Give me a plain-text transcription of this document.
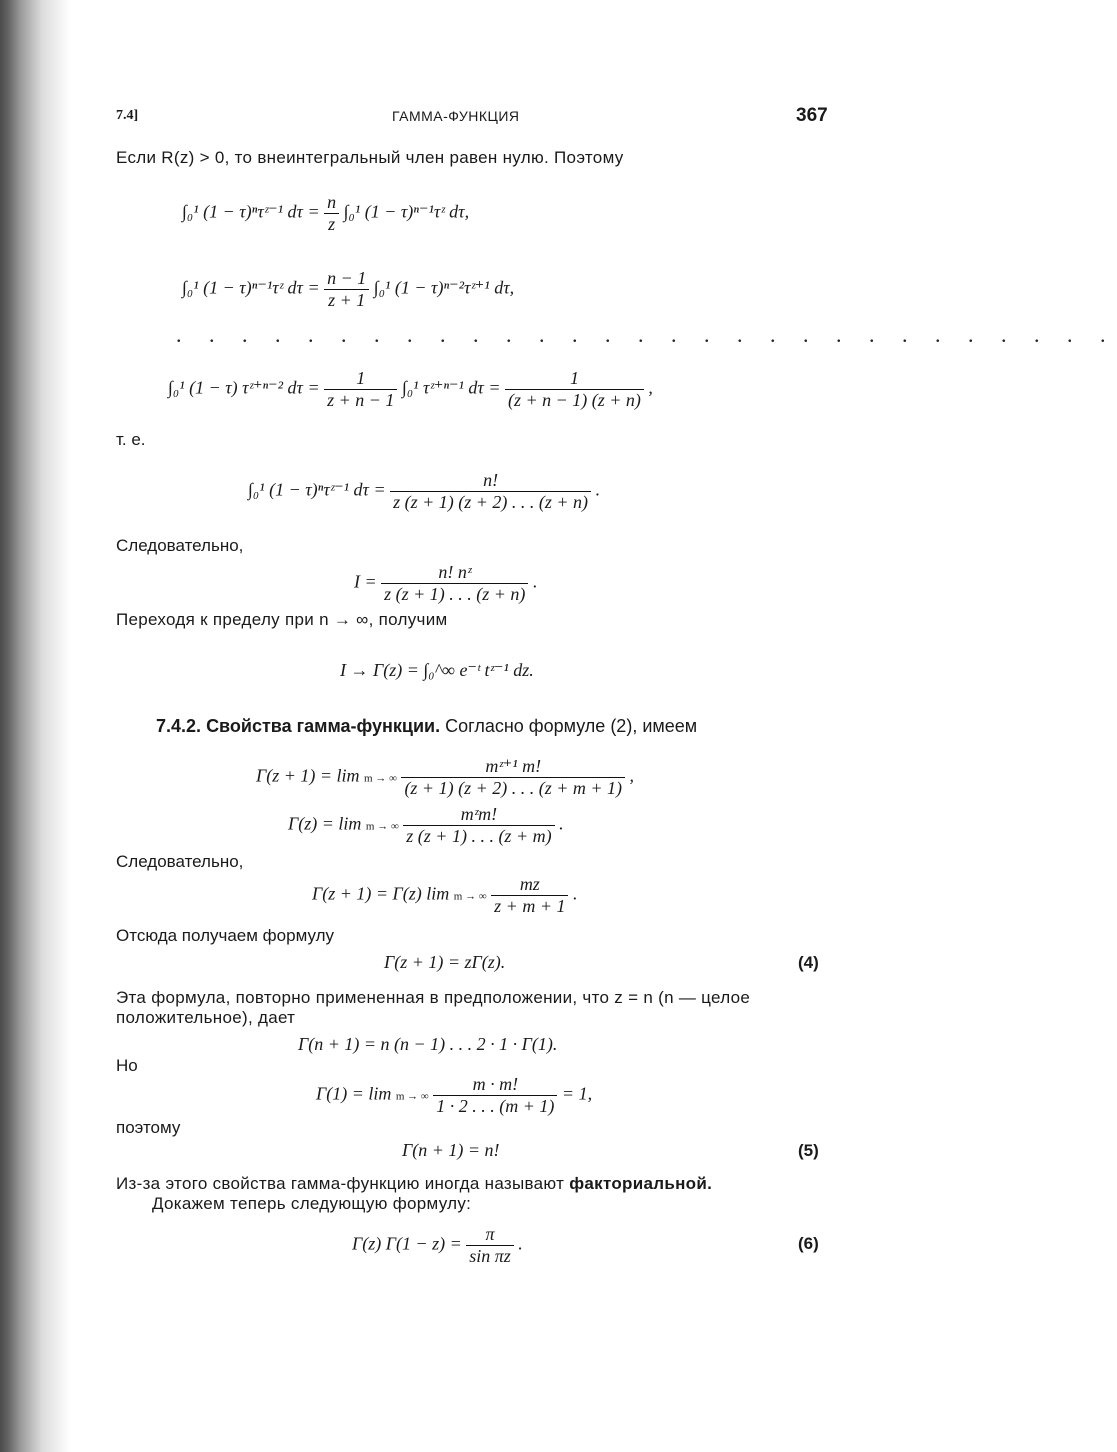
7.4]	ГАММА-ФУНКЦИЯ	367
Если R(z) > 0, то внеинтегральный член равен нулю. Поэтому
∫₀¹ (1 − τ)ⁿτᶻ⁻¹ $d\tau = \frac{n}{z} \int_0^1$ (1 − τ)ⁿ⁻¹τᶻ dτ,
∫₀¹ (1 − τ)ⁿ⁻¹τᶻ $d\tau = \frac{n - 1}{z + 1} \int_0^1$ (1 − τ)ⁿ⁻²τᶻ⁺¹ dτ,
. . . . . . . . . . . . . . . . . . . . . . . . . . . . .
∫₀¹ (1 − τ) τᶻ⁺ⁿ⁻² $d\tau = \frac{1}{z + n - 1} \int_0^1$ τᶻ⁺ⁿ⁻¹ $d\tau = \frac{1}{(z + n - 1) (z + n)}$ ,
т. е.
∫₀¹ (1 − τ)ⁿτᶻ⁻¹ $d\tau = \frac{n!}{z (z + 1) (z + 2) . . . (z + n)}$ .
Следовательно,
$I = \frac{\text{n! nᶻ}}{z (z + 1) . . . (z + n)}$ .
Переходя к пределу при n → ∞, получим
I → Γ(z) = ∫₀^∞ e⁻ᵗ tᶻ⁻¹ dz.
7.4.2. Свойства гамма-функции. Согласно формуле (2), имеем
Γ(z + 1) = lim m → ∞ $\frac{\text{mᶻ⁺¹ m!}}{(z + 1) (z + 2) . . . (z + m + 1)}$ ,
Γ(z) = lim m → ∞ $\frac{\text{mᶻm!}}{z (z + 1) . . . (z + m)}$ .
Следовательно,
Γ(z + 1) = Γ(z) lim m → ∞ $\frac{mz}{z + m + 1}$ .
Отсюда получаем формулу
Γ(z + 1) = zΓ(z).	(4)
Эта формула, повторно примененная в предположении, что z = n (n — целое
положительное), дает
Γ(n + 1) = n (n − 1) . . . 2 · 1 · Γ(1).
Но
Γ(1) = lim m → ∞ $\frac{m \cdot m!}{1 \cdot 2 . . . (m + 1)} = 1$,
поэтому
Γ(n + 1) = n!	(5)
Из-за этого свойства гамма-функцию иногда называют факториальной.
Докажем теперь следующую формулу:
Γ(z) $\Gamma(1 - z) = \frac{\pi}{\text{sin πz}}$ .	(6)
